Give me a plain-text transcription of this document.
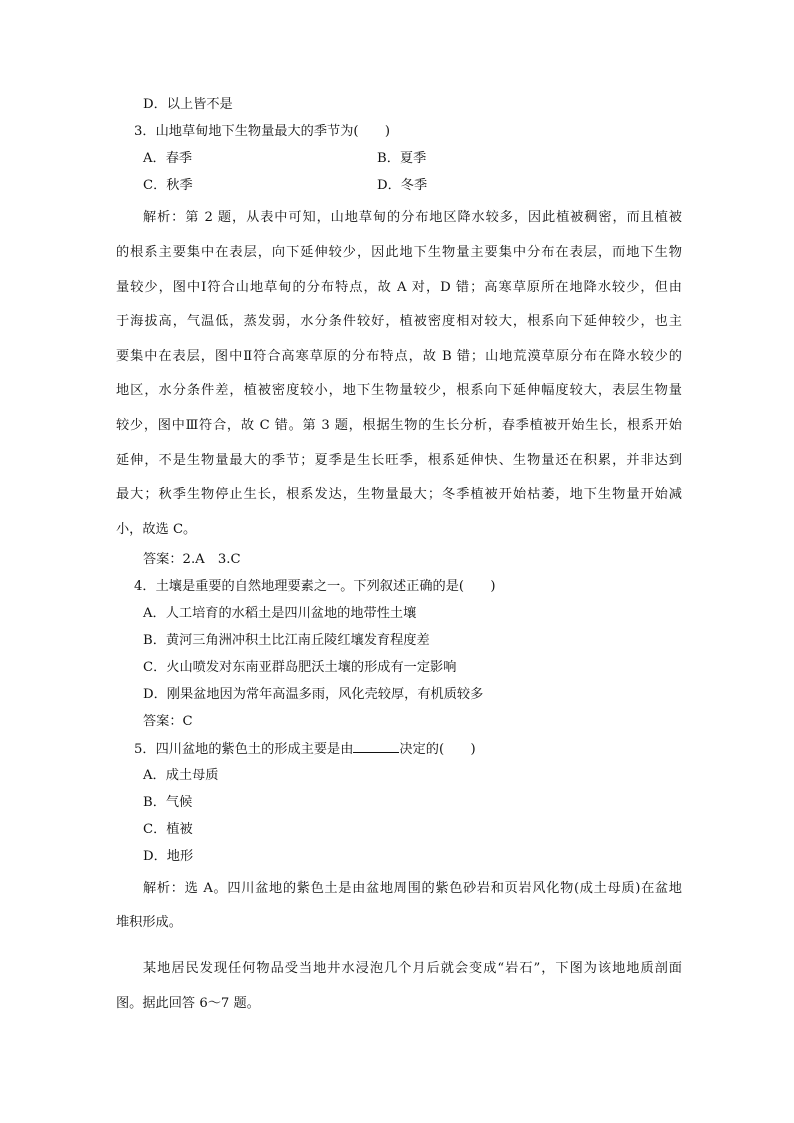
D．以上皆不是
3．山地草甸地下生物量最大的季节为(　　)
A．春季	B．夏季
C．秋季	D．冬季
解析：第 2 题，从表中可知，山地草甸的分布地区降水较多，因此植被稠密，而且植被
的根系主要集中在表层，向下延伸较少，因此地下生物量主要集中分布在表层，而地下生物
量较少，图中Ⅰ符合山地草甸的分布特点，故 A 对，D 错；高寒草原所在地降水较少，但由
于海拔高，气温低，蒸发弱，水分条件较好，植被密度相对较大，根系向下延伸较少，也主
要集中在表层，图中Ⅱ符合高寒草原的分布特点，故 B 错；山地荒漠草原分布在降水较少的
地区，水分条件差，植被密度较小，地下生物量较少，根系向下延伸幅度较大，表层生物量
较少，图中Ⅲ符合，故 C 错。第 3 题，根据生物的生长分析，春季植被开始生长，根系开始
延伸，不是生物量最大的季节；夏季是生长旺季，根系延伸快、生物量还在积累，并非达到
最大；秋季生物停止生长，根系发达，生物量最大；冬季植被开始枯萎，地下生物量开始减
小，故选 C。
答案：2.A　3.C
4．土壤是重要的自然地理要素之一。下列叙述正确的是(　　)
A．人工培育的水稻土是四川盆地的地带性土壤
B．黄河三角洲冲积土比江南丘陵红壤发育程度差
C．火山喷发对东南亚群岛肥沃土壤的形成有一定影响
D．刚果盆地因为常年高温多雨，风化壳较厚，有机质较多
答案：C
5．四川盆地的紫色土的形成主要是由	决定的(　　)
A．成土母质
B．气候
C．植被
D．地形
解析：选 A。四川盆地的紫色土是由盆地周围的紫色砂岩和页岩风化物(成土母质)在盆地
堆积形成。
某地居民发现任何物品受当地井水浸泡几个月后就会变成“岩石”，下图为该地地质剖面
图。据此回答 6～7 题。
